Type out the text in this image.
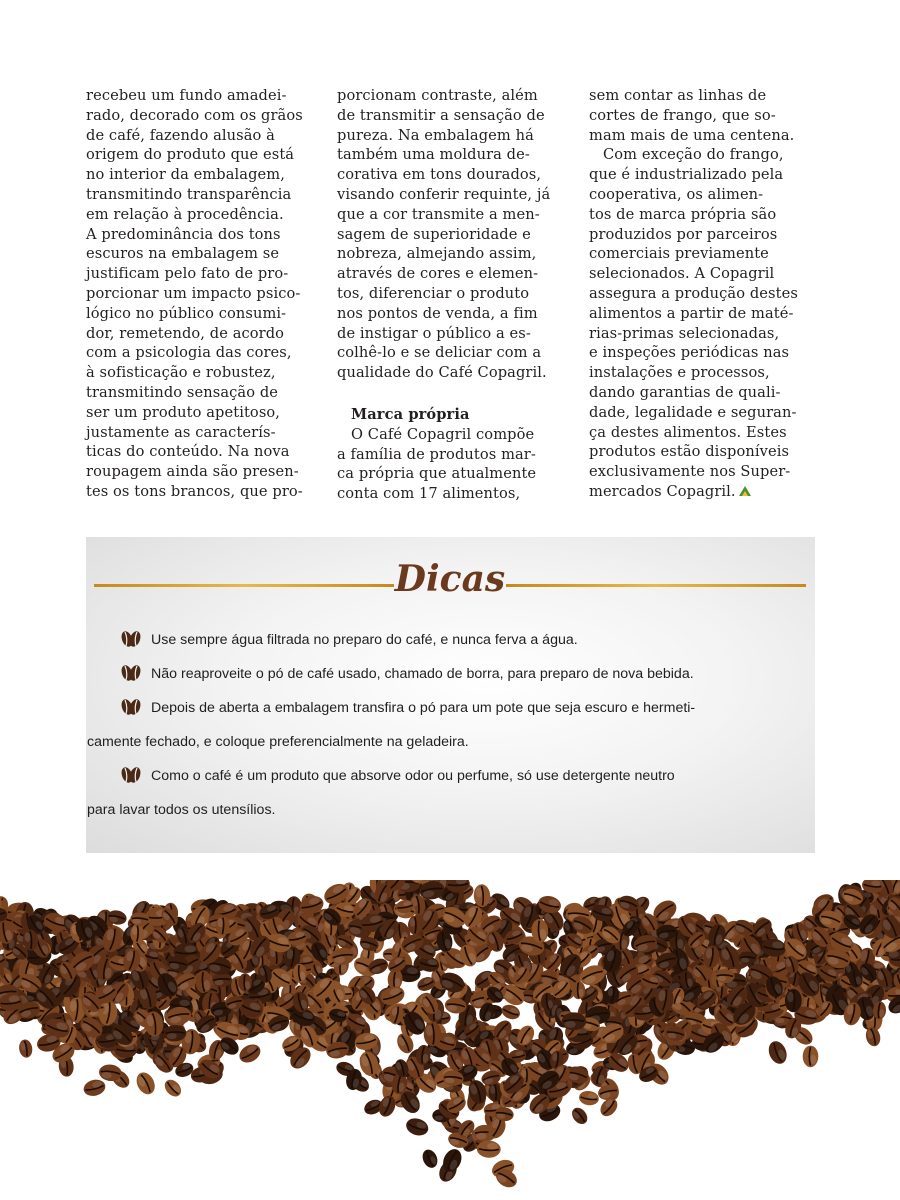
recebeu um fundo amadei-

rado, decorado com os grãos

de café, fazendo alusão à

origem do produto que está

no interior da embalagem,

transmitindo transparência

em relação à procedência.

A predominância dos tons

escuros na embalagem se

justificam pelo fato de pro-

porcionar um impacto psico-

lógico no público consumi-

dor, remetendo, de acordo

com a psicologia das cores,

à sofisticação e robustez,

transmitindo sensação de

ser um produto apetitoso,

justamente as caracterís-

ticas do conteúdo. Na nova

roupagem ainda são presen-

tes os tons brancos, que pro-

porcionam contraste, além

de transmitir a sensação de

pureza. Na embalagem há

também uma moldura de-

corativa em tons dourados,

visando conferir requinte, já

que a cor transmite a men-

sagem de superioridade e

nobreza, almejando assim,

através de cores e elemen-

tos, diferenciar o produto

nos pontos de venda, a fim

de instigar o público a es-

colhê-lo e se deliciar com a

qualidade do Café Copagril.

Marca própria

O Café Copagril compõe

a família de produtos mar-

ca própria que atualmente

conta com 17 alimentos,

sem contar as linhas de

cortes de frango, que so-

mam mais de uma centena.

Com exceção do frango,

que é industrializado pela

cooperativa, os alimen-

tos de marca própria são

produzidos por parceiros

comerciais previamente

selecionados. A Copagril

assegura a produção destes

alimentos a partir de maté-

rias-primas selecionadas,

e inspeções periódicas nas

instalações e processos,

dando garantias de quali-

dade, legalidade e seguran-

ça destes alimentos. Estes

produtos estão disponíveis

exclusivamente nos Super-

mercados Copagril.

Dicas
Use sempre água filtrada no preparo do café, e nunca ferva a água.
Não reaproveite o pó de café usado, chamado de borra, para preparo de nova bebida.
Depois de aberta a embalagem transfira o pó para um pote que seja escuro e hermeti-
camente fechado, e coloque preferencialmente na geladeira.
Como o café é um produto que absorve odor ou perfume, só use detergente neutro
para lavar todos os utensílios.
